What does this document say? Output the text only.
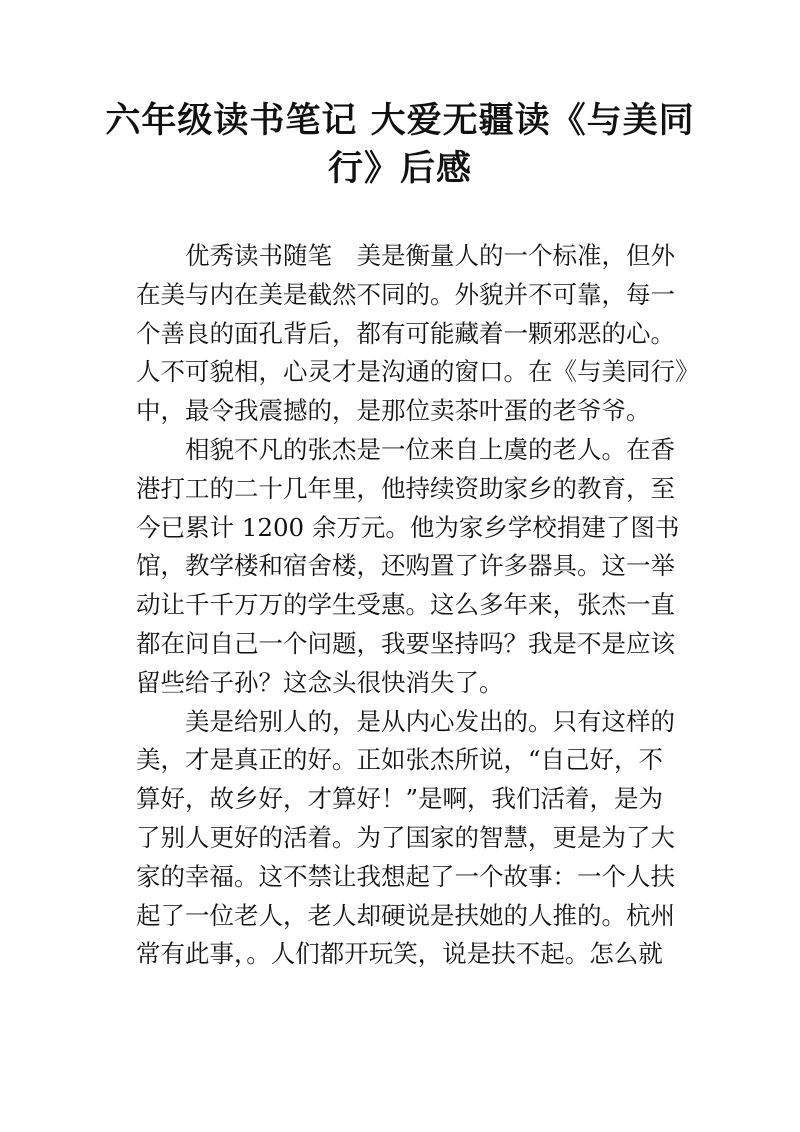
六年级读书笔记 大爱无疆读《与美同
行》后感
优秀读书随笔　美是衡量人的一个标准，但外
在美与内在美是截然不同的。外貌并不可靠，每一
个善良的面孔背后，都有可能藏着一颗邪恶的心。
人不可貌相，心灵才是沟通的窗口。在《与美同行》
中，最令我震撼的，是那位卖茶叶蛋的老爷爷。
相貌不凡的张杰是一位来自上虞的老人。在香
港打工的二十几年里，他持续资助家乡的教育，至
今已累计 1200 余万元。他为家乡学校捐建了图书
馆，教学楼和宿舍楼，还购置了许多器具。这一举
动让千千万万的学生受惠。这么多年来，张杰一直
都在问自己一个问题，我要坚持吗？我是不是应该
留些给子孙？这念头很快消失了。
美是给别人的，是从内心发出的。只有这样的
美，才是真正的好。正如张杰所说，“自己好，不
算好，故乡好，才算好！”是啊，我们活着，是为
了别人更好的活着。为了国家的智慧，更是为了大
家的幸福。这不禁让我想起了一个故事：一个人扶
起了一位老人，老人却硬说是扶她的人推的。杭州
常有此事，。人们都开玩笑，说是扶不起。怎么就
